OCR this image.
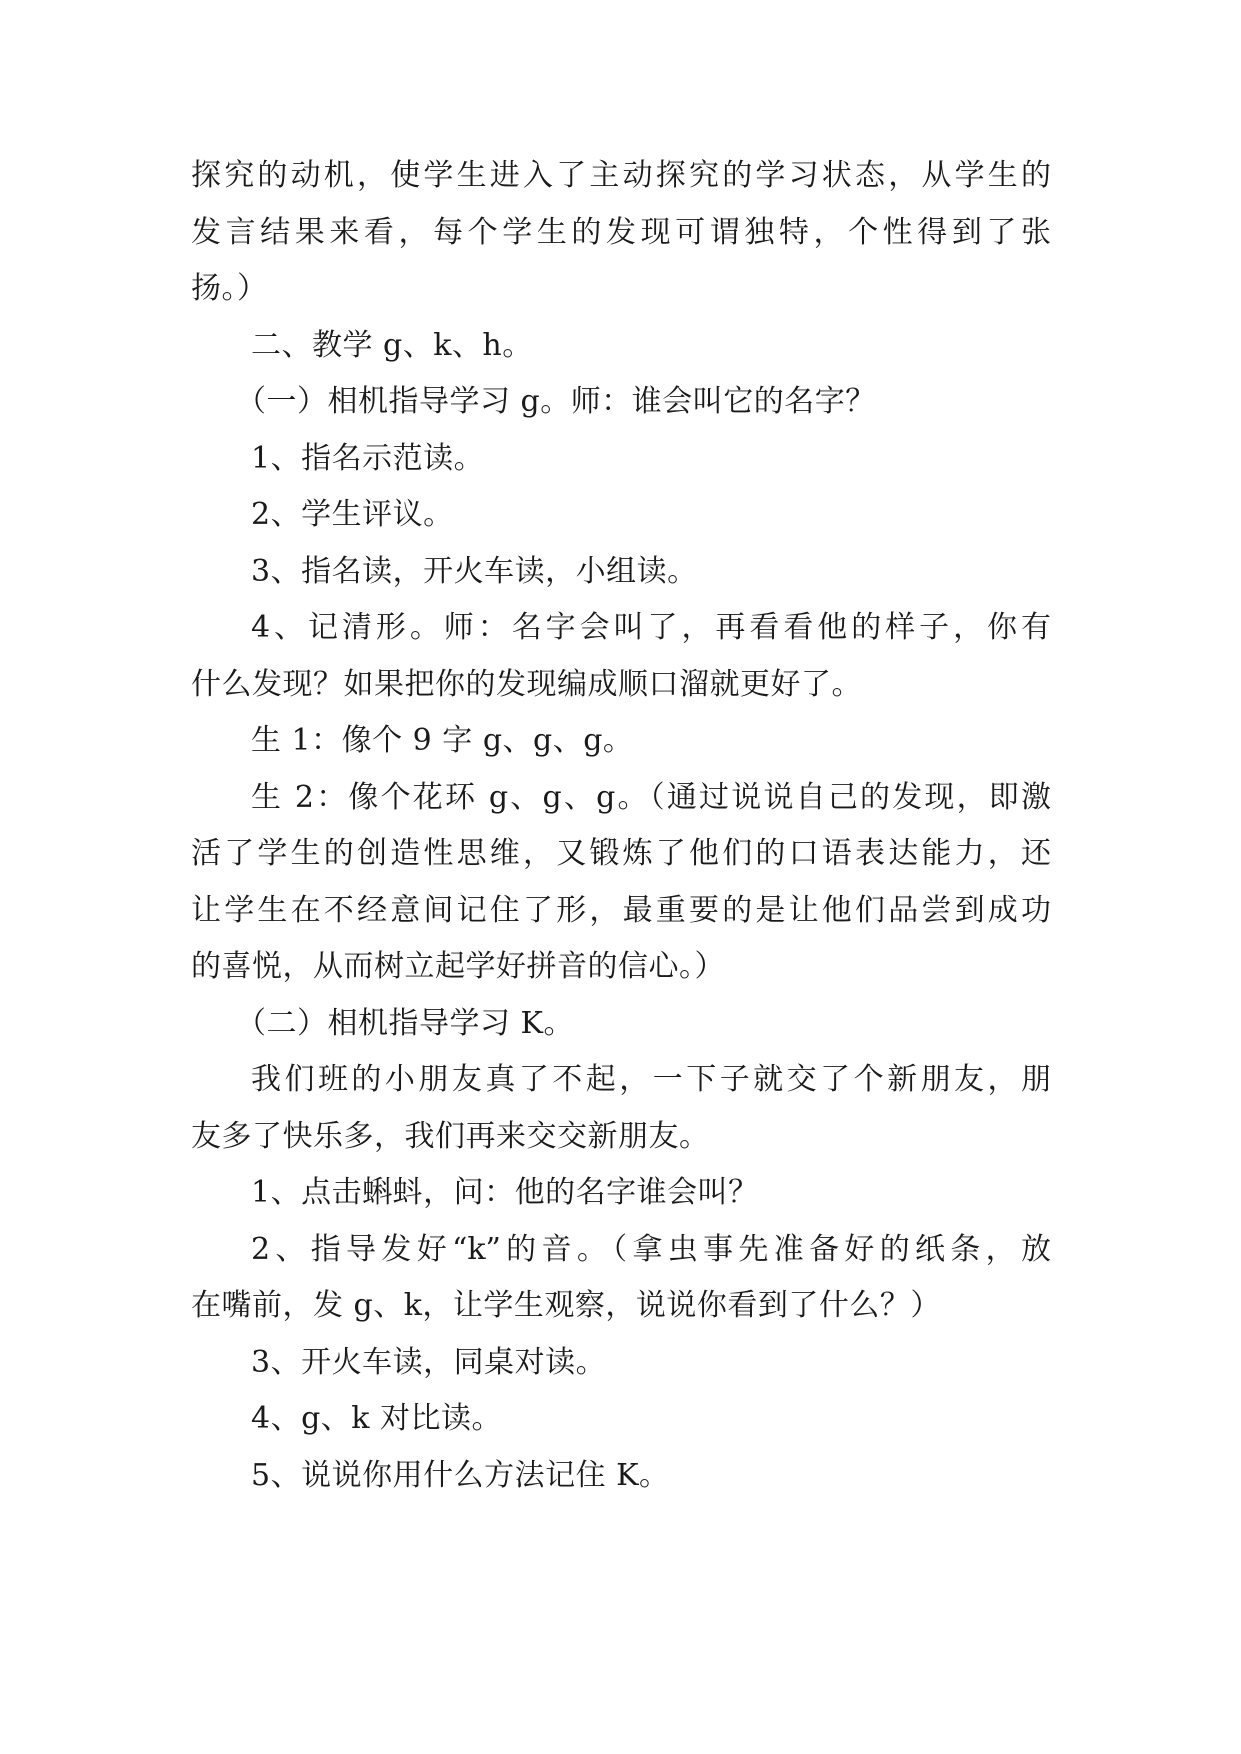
探究的动机，使学生进入了主动探究的学习状态，从学生的
发言结果来看，每个学生的发现可谓独特，个性得到了张
扬。）
二、教学 g、k、h。
（一）相机指导学习 g。师：谁会叫它的名字？
1、指名示范读。
2、学生评议。
3、指名读，开火车读，小组读。
4、记清形。师：名字会叫了，再看看他的样子，你有
什么发现？如果把你的发现编成顺口溜就更好了。
生 1：像个 9 字 g、g、g。
生 2：像个花环 g、g、g。（通过说说自己的发现，即激
活了学生的创造性思维，又锻炼了他们的口语表达能力，还
让学生在不经意间记住了形，最重要的是让他们品尝到成功
的喜悦，从而树立起学好拼音的信心。）
（二）相机指导学习 K。
我们班的小朋友真了不起，一下子就交了个新朋友，朋
友多了快乐多，我们再来交交新朋友。
1、点击蝌蚪，问：他的名字谁会叫？
2、指导发好“k”的音。（拿虫事先准备好的纸条，放
在嘴前，发 g、k，让学生观察，说说你看到了什么？）
3、开火车读，同桌对读。
4、g、k 对比读。
5、说说你用什么方法记住 K。
